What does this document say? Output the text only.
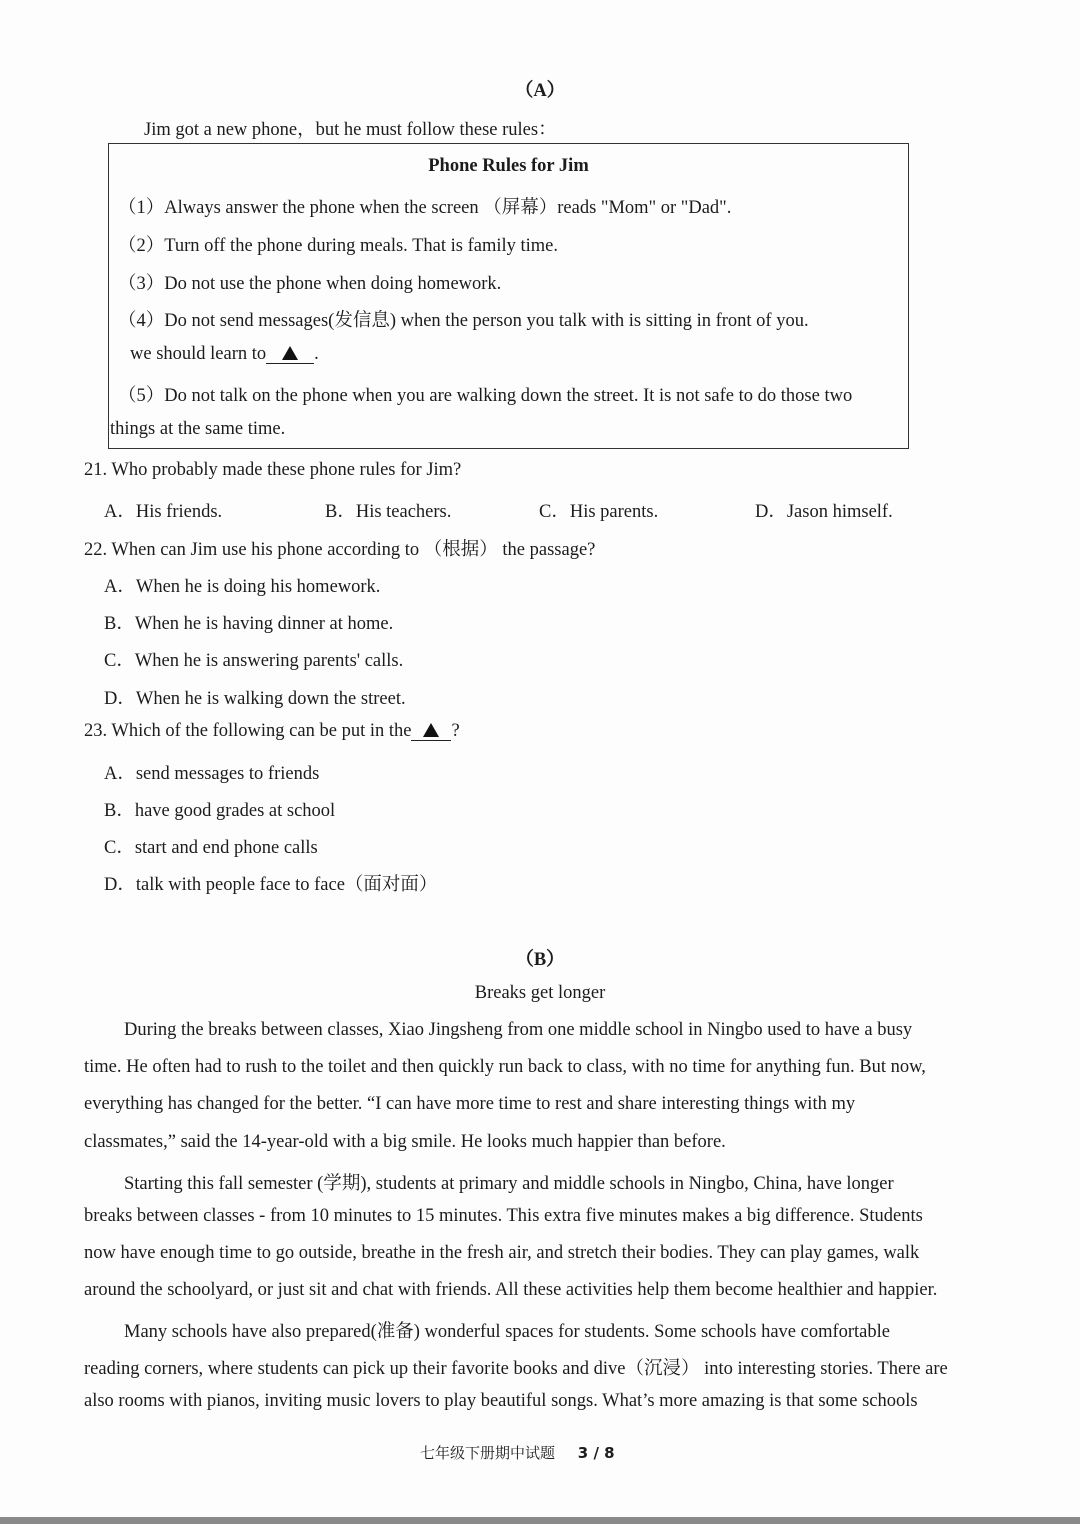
（A）
Jim got a new phone，but he must follow these rules：
Phone Rules for Jim
（1）Always answer the phone when the screen （屏幕）reads "Mom" or "Dad".
（2）Turn off the phone during meals. That is family time.
（3）Do not use the phone when doing homework.
（4）Do not send messages(发信息) when the person you talk with is sitting in front of you.
we should learn to	.
（5）Do not talk on the phone when you are walking down the street. It is not safe to do those two
things at the same time.
21. Who probably made these phone rules for Jim?
A．His friends.	B．His teachers.	C．His parents.	D．Jason himself.
22. When can Jim use his phone according to （根据） the passage?
A．When he is doing his homework.
B．When he is having dinner at home.
C．When he is answering parents' calls.
D．When he is walking down the street.
23. Which of the following can be put in the ?
A．send messages to friends
B．have good grades at school
C．start and end phone calls
D．talk with people face to face（面对面）
（B）
Breaks get longer
During the breaks between classes, Xiao Jingsheng from one middle school in Ningbo used to have a busy
time. He often had to rush to the toilet and then quickly run back to class, with no time for anything fun. But now,
everything has changed for the better. “I can have more time to rest and share interesting things with my
classmates,” said the 14-year-old with a big smile. He looks much happier than before.
Starting this fall semester (学期), students at primary and middle schools in Ningbo, China, have longer
breaks between classes - from 10 minutes to 15 minutes. This extra five minutes makes a big difference. Students
now have enough time to go outside, breathe in the fresh air, and stretch their bodies. They can play games, walk
around the schoolyard, or just sit and chat with friends. All these activities help them become healthier and happier.
Many schools have also prepared(准备) wonderful spaces for students. Some schools have comfortable
reading corners, where students can pick up their favorite books and dive（沉浸） into interesting stories. There are
also rooms with pianos, inviting music lovers to play beautiful songs. What’s more amazing is that some schools
七年级下册期中试题 3 / 8
